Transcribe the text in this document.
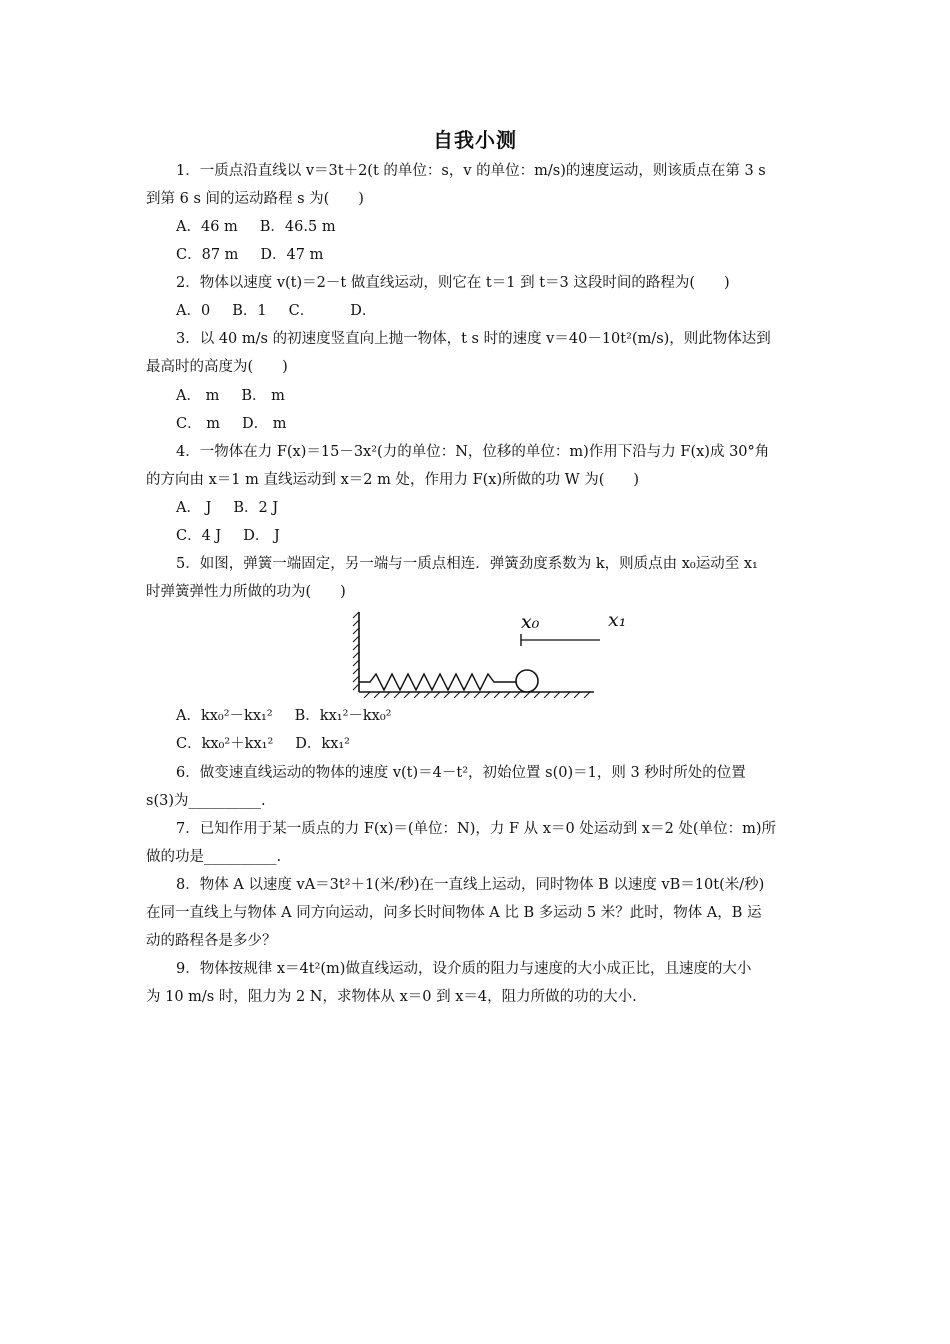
自我小测
1．一质点沿直线以 v＝3t＋2(t 的单位：s，v 的单位：m/s)的速度运动，则该质点在第 3 s
到第 6 s 间的运动路程 s 为(　　)
A．46 m B．46.5 m
C．87 m D．47 m
2．物体以速度 v(t)＝2－t 做直线运动，则它在 t＝1 到 t＝3 这段时间的路程为(　　)
A．0 B．1 C． D．
3．以 40 m/s 的初速度竖直向上抛一物体，t s 时的速度 v＝40－10t²(m/s)，则此物体达到
最高时的高度为(　　)
A． m B． m
C． m D． m
4．一物体在力 F(x)＝15－3x²(力的单位：N，位移的单位：m)作用下沿与力 F(x)成 30°角
的方向由 x＝1 m 直线运动到 x＝2 m 处，作用力 F(x)所做的功 W 为(　　)
A． J B．2 J
C．4 J D． J
5．如图，弹簧一端固定，另一端与一质点相连．弹簧劲度系数为 k，则质点由 x₀运动至 x₁
时弹簧弹性力所做的功为(　　)
x₀	x₁
A．kx₀²－kx₁² B．kx₁²－kx₀²
C．kx₀²＋kx₁² D．kx₁²
6．做变速直线运动的物体的速度 v(t)＝4－t²，初始位置 s(0)＝1，则 3 秒时所处的位置
s(3)为__________.
7．已知作用于某一质点的力 F(x)＝(单位：N)，力 F 从 x＝0 处运动到 x＝2 处(单位：m)所
做的功是__________.
8．物体 A 以速度 vA＝3t²＋1(米/秒)在一直线上运动，同时物体 B 以速度 vB＝10t(米/秒)
在同一直线上与物体 A 同方向运动，问多长时间物体 A 比 B 多运动 5 米？此时，物体 A，B 运
动的路程各是多少？
9．物体按规律 x＝4t²(m)做直线运动，设介质的阻力与速度的大小成正比，且速度的大小
为 10 m/s 时，阻力为 2 N，求物体从 x＝0 到 x＝4，阻力所做的功的大小.
